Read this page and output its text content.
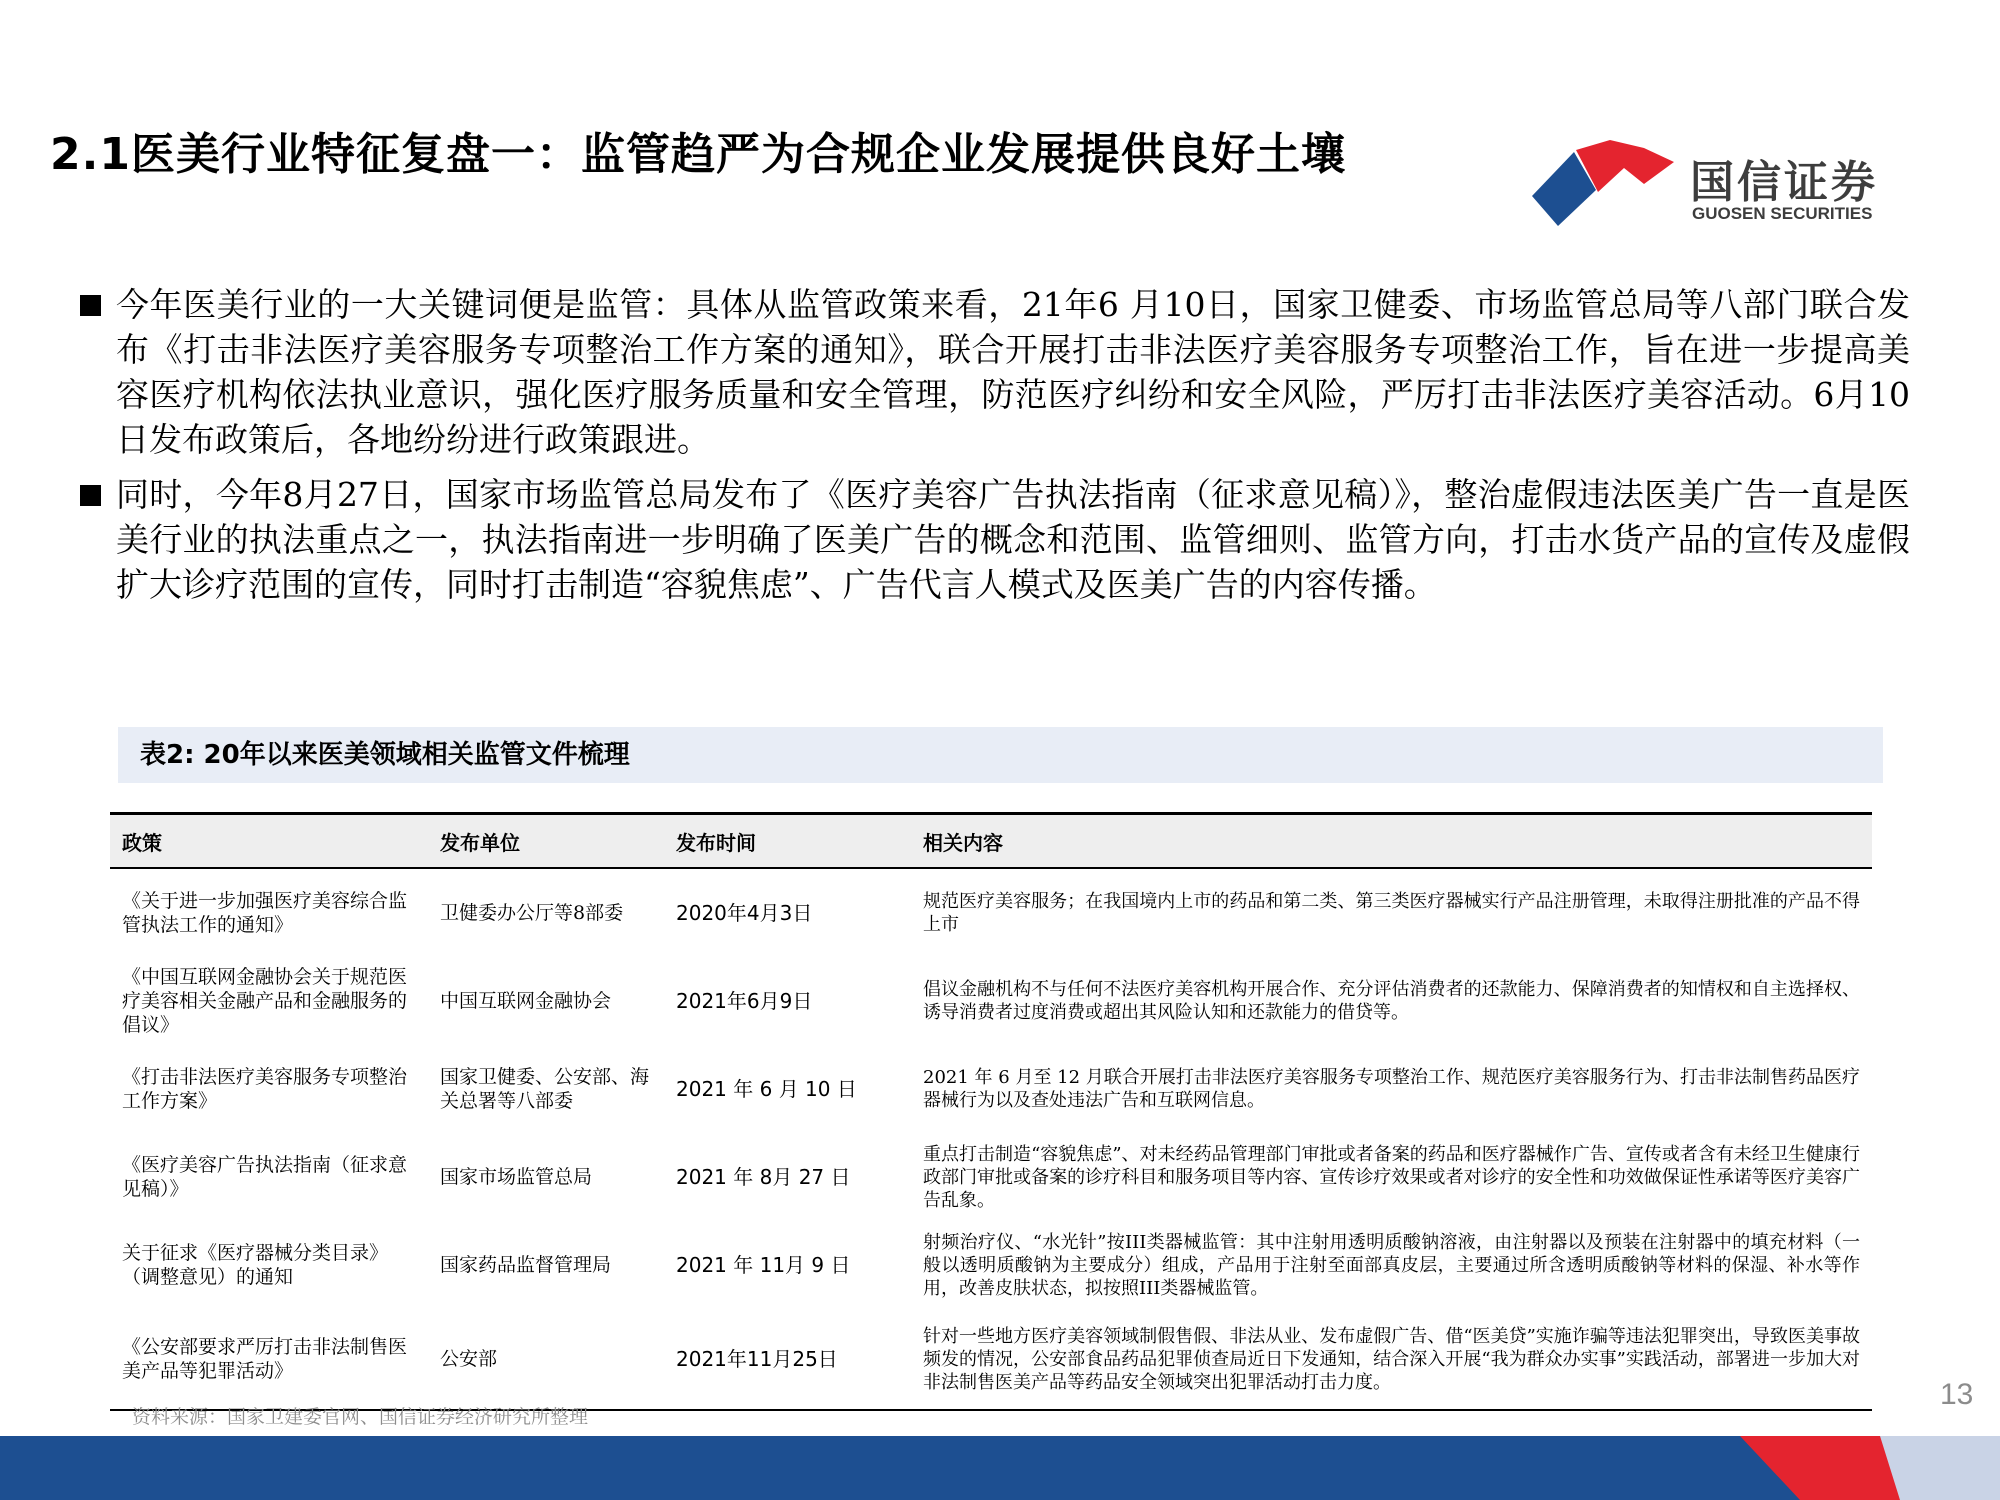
2.1医美行业特征复盘一：监管趋严为合规企业发展提供良好土壤
国信证券
GUOSEN SECURITIES
今年医美行业的一大关键词便是监管：具体从监管政策来看，21年6 月10日，国家卫健委、市场监管总局等八部门联合发布《打击非法医疗美容服务专项整治工作方案的通知》，联合开展打击非法医疗美容服务专项整治工作，旨在进一步提高美容医疗机构依法执业意识，强化医疗服务质量和安全管理，防范医疗纠纷和安全风险，严厉打击非法医疗美容活动。6月10日发布政策后，各地纷纷进行政策跟进。
同时，今年8月27日，国家市场监管总局发布了《医疗美容广告执法指南（征求意见稿）》，整治虚假违法医美广告一直是医美行业的执法重点之一，执法指南进一步明确了医美广告的概念和范围、监管细则、监管方向，打击水货产品的宣传及虚假扩大诊疗范围的宣传，同时打击制造“容貌焦虑”、广告代言人模式及医美广告的内容传播。
表2: 20年以来医美领域相关监管文件梳理
政策	发布单位	发布时间	相关内容
《关于进一步加强医疗美容综合监管执法工作的通知》	卫健委办公厅等8部委	2020年4月3日	规范医疗美容服务；在我国境内上市的药品和第二类、第三类医疗器械实行产品注册管理，未取得注册批准的产品不得上市
《中国互联网金融协会关于规范医疗美容相关金融产品和金融服务的倡议》	中国互联网金融协会	2021年6月9日	倡议金融机构不与任何不法医疗美容机构开展合作、充分评估消费者的还款能力、保障消费者的知情权和自主选择权、诱导消费者过度消费或超出其风险认知和还款能力的借贷等。
《打击非法医疗美容服务专项整治工作方案》	国家卫健委、公安部、海关总署等八部委	2021 年 6 月 10 日	2021 年 6 月至 12 月联合开展打击非法医疗美容服务专项整治工作、规范医疗美容服务行为、打击非法制售药品医疗器械行为以及查处违法广告和互联网信息。
《医疗美容广告执法指南（征求意见稿）》	国家市场监管总局	2021 年 8月 27 日	重点打击制造“容貌焦虑”、对未经药品管理部门审批或者备案的药品和医疗器械作广告、宣传或者含有未经卫生健康行政部门审批或备案的诊疗科目和服务项目等内容、宣传诊疗效果或者对诊疗的安全性和功效做保证性承诺等医疗美容广告乱象。
关于征求《医疗器械分类目录》（调整意见）的通知	国家药品监督管理局	2021 年 11月 9 日	射频治疗仪、“水光针”按III类器械监管：其中注射用透明质酸钠溶液，由注射器以及预装在注射器中的填充材料（一般以透明质酸钠为主要成分）组成，产品用于注射至面部真皮层，主要通过所含透明质酸钠等材料的保湿、补水等作用，改善皮肤状态，拟按照III类器械监管。
《公安部要求严厉打击非法制售医美产品等犯罪活动》	公安部	2021年11月25日	针对一些地方医疗美容领域制假售假、非法从业、发布虚假广告、借“医美贷”实施诈骗等违法犯罪突出，导致医美事故频发的情况，公安部食品药品犯罪侦查局近日下发通知，结合深入开展“我为群众办实事”实践活动，部署进一步加大对非法制售医美产品等药品安全领域突出犯罪活动打击力度。
资料来源：国家卫建委官网、国信证券经济研究所整理
13
